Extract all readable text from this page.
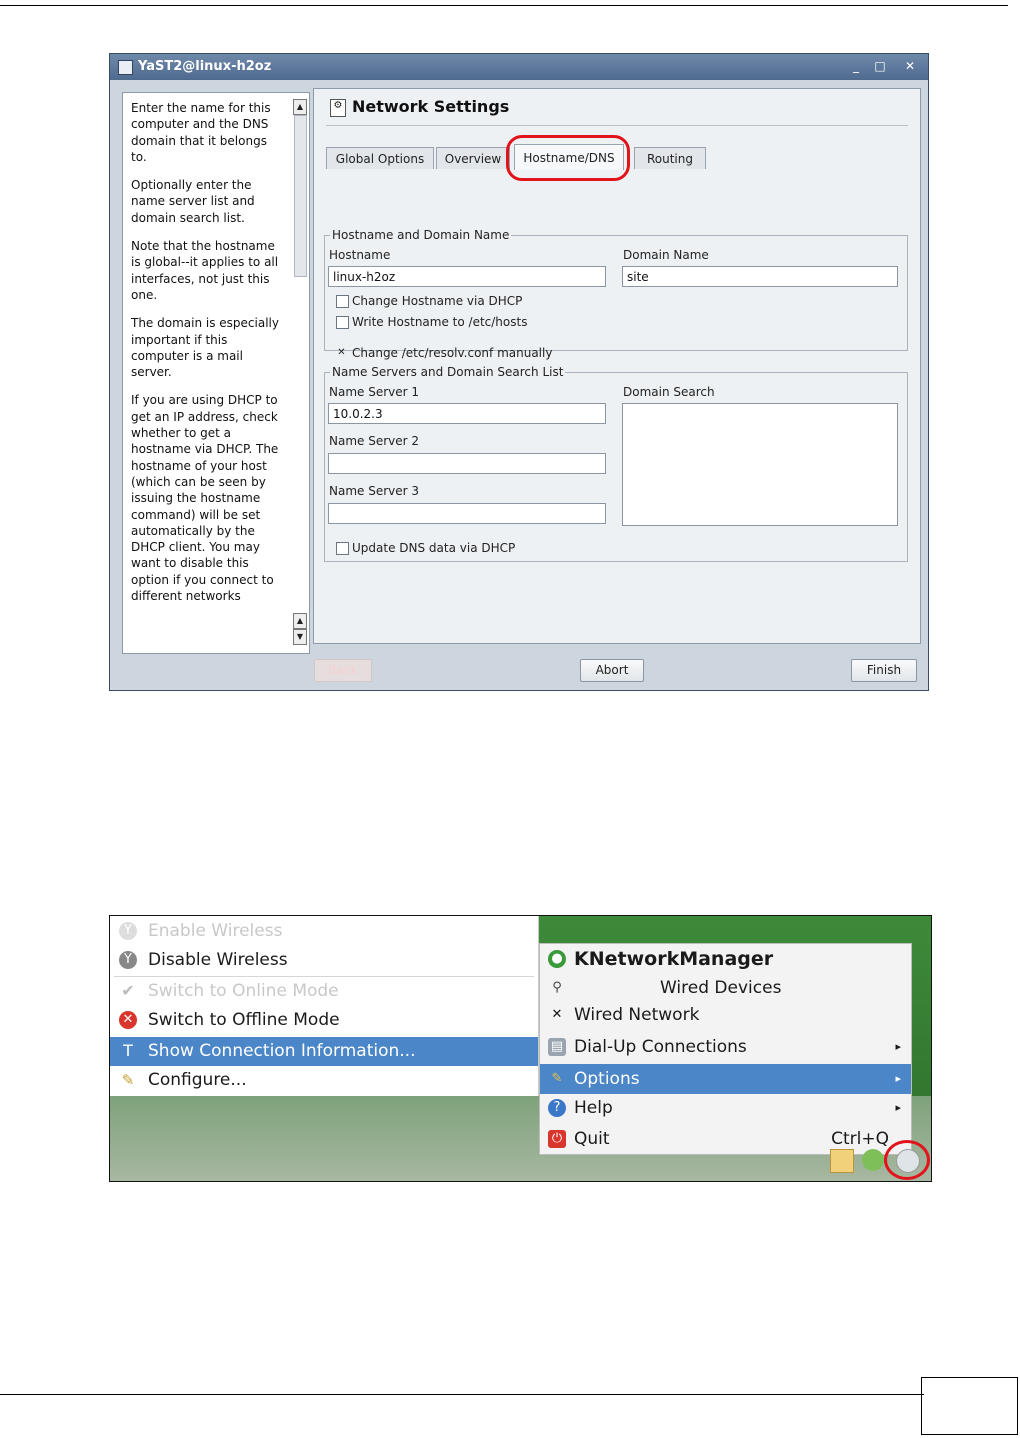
YaST2@linux-h2oz	_	□ ✕

Enter the name for this computer and the DNS domain that it belongs to.

Optionally enter the name server list and domain search list.

Note that the hostname is global--it applies to all interfaces, not just this one.

The domain is especially important if this computer is a mail server.

If you are using DHCP to get an IP address, check whether to get a hostname via DHCP. The hostname of your host (which can be seen by issuing the hostname command) will be set automatically by the DHCP client. You may want to disable this option if you connect to different networks

▲
▲
▼
⚙ Network Settings
Global Options	Overview	Hostname/DNS	Routing
Hostname and Domain Name
Hostname
linux-h2oz
Domain Name
site
Change Hostname via DHCP
Write Hostname to /etc/hosts
✕ Change /etc/resolv.conf manually
Name Servers and Domain Search List
Name Server 1
10.0.2.3
Name Server 2
Name Server 3
Domain Search
Update DNS data via DHCP
Back	Abort	Finish
Y Enable Wireless
Y Disable Wireless
✔ Switch to Online Mode
✕ Switch to Offline Mode
T Show Connection Information...
✎ Configure...
● KNetworkManager
⚲	Wired Devices
✕ Wired Network
▤ Dial-Up Connections	▸
✎ Options	▸
? Help	▸
⏻ Quit	Ctrl+Q
